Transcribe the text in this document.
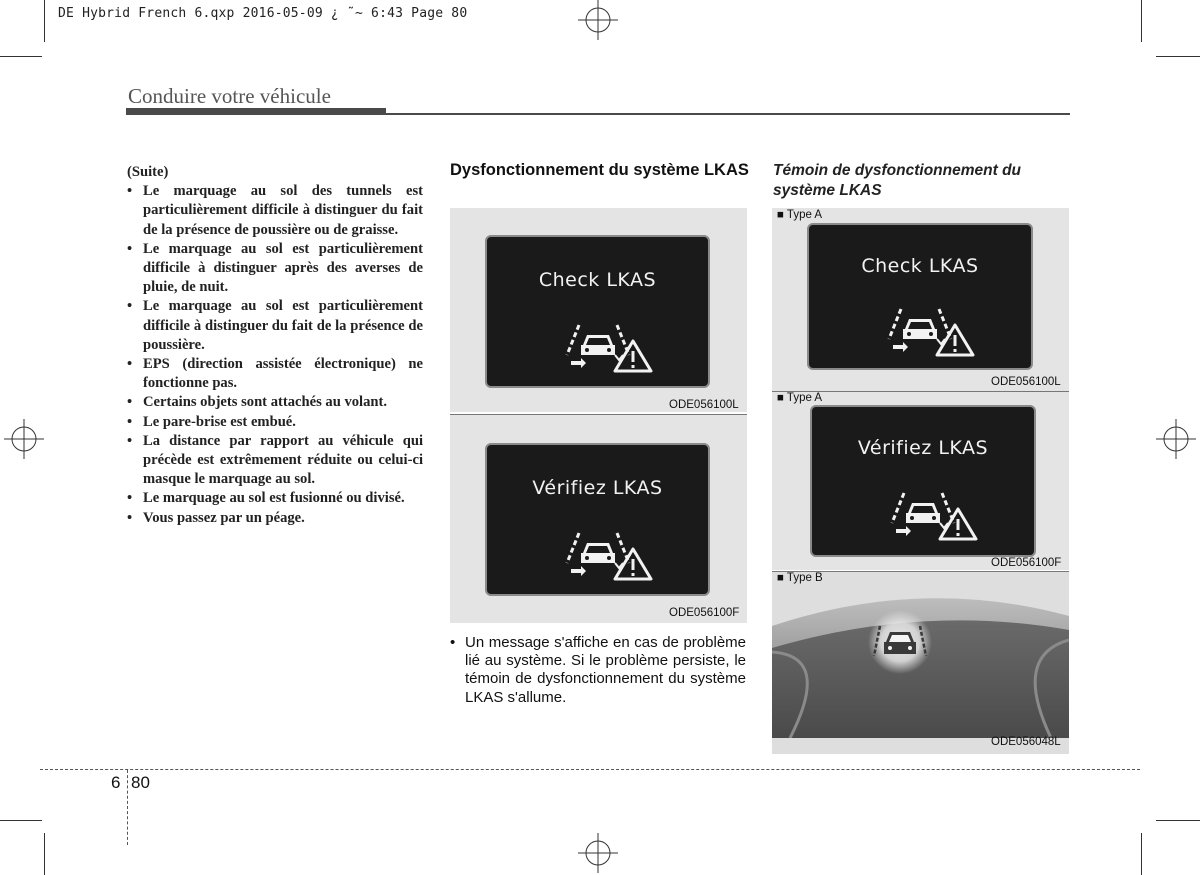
DE Hybrid French 6.qxp 2016-05-09 ¿ ˜~ 6:43 Page 80
Conduire votre véhicule
(Suite)
• Le marquage au sol des tunnels est particulièrement difficile à distinguer du fait de la présence de poussière ou de graisse.
• Le marquage au sol est particulièrement difficile à distinguer après des averses de pluie, de nuit.
• Le marquage au sol est particulièrement difficile à distinguer du fait de la présence de poussière.
• EPS (direction assistée électronique) ne fonctionne pas.
• Certains objets sont attachés au volant.
• Le pare-brise est embué.
• La distance par rapport au véhicule qui précède est extrêmement réduite ou celui-ci masque le marquage au sol.
• Le marquage au sol est fusionné ou divisé.
• Vous passez par un péage.
Dysfonctionnement du système LKAS
Check LKAS
ODE056100L
Vérifiez LKAS
ODE056100F

• Un message s'affiche en cas de problème lié au système. Si le problème persiste, le témoin de dysfonctionnement du système LKAS s'allume.

Témoin de dysfonctionnement du système LKAS
■ Type A
Check LKAS
ODE056100L
■ Type A
Vérifiez LKAS
ODE056100F
■ Type B
ODE056048L
6 80
